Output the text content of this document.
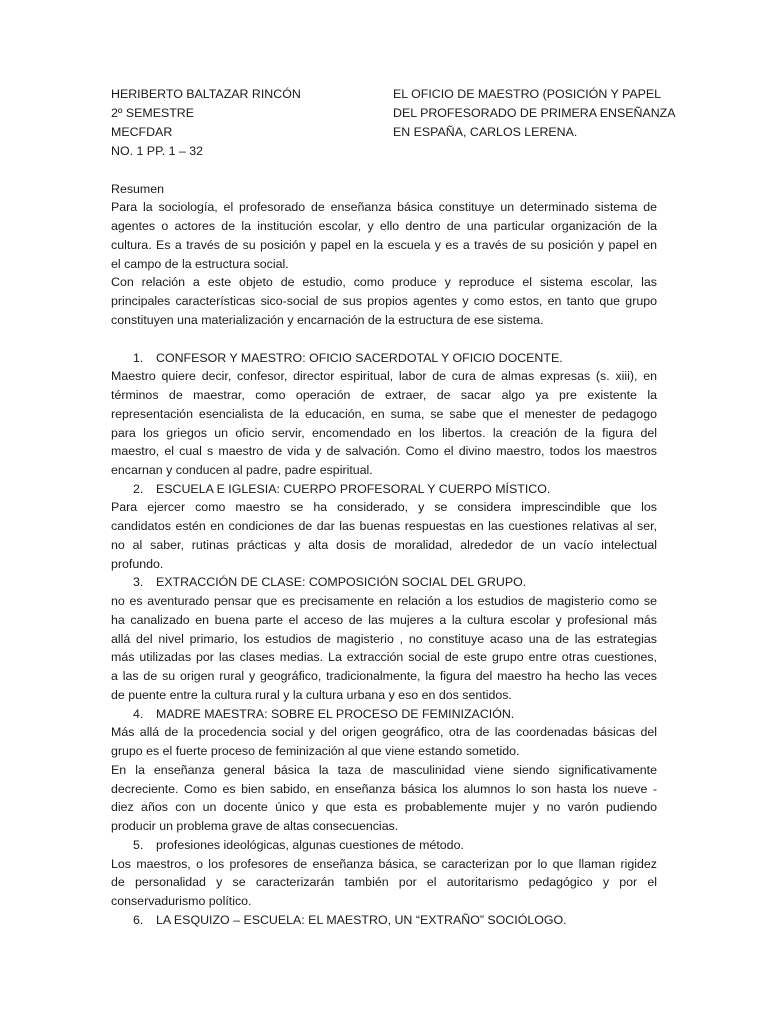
HERIBERTO BALTAZAR RINCÓN
2º SEMESTRE
MECFDAR
NO. 1 PP. 1 – 32
EL OFICIO DE MAESTRO (POSICIÓN Y PAPEL
DEL PROFESORADO DE PRIMERA ENSEÑANZA
EN ESPAÑA, CARLOS LERENA.
Resumen
Para la sociología, el profesorado de enseñanza básica constituye un determinado sistema de
agentes o actores de la institución escolar, y ello dentro de una particular organización de la
cultura. Es a través de su posición y papel en la escuela y es a través de su posición y papel en
el campo de la estructura social.
Con relación a este objeto de estudio, como produce y reproduce el sistema escolar, las
principales características sico-social de sus propios agentes y como estos, en tanto que grupo
constituyen una materialización y encarnación de la estructura de ese sistema.
1. CONFESOR Y MAESTRO: OFICIO SACERDOTAL Y OFICIO DOCENTE.
Maestro quiere decir, confesor, director espiritual, labor de cura de almas expresas (s. xiii), en
términos de maestrar, como operación de extraer, de sacar algo ya pre existente la
representación esencialista de la educación, en suma, se sabe que el menester de pedagogo
para los griegos un oficio servir, encomendado en los libertos. la creación de la figura del
maestro, el cual s maestro de vida y de salvación. Como el divino maestro, todos los maestros
encarnan y conducen al padre, padre espiritual.
2. ESCUELA E IGLESIA: CUERPO PROFESORAL Y CUERPO MÍSTICO.
Para ejercer como maestro se ha considerado, y se considera imprescindible que los
candidatos estén en condiciones de dar las buenas respuestas en las cuestiones relativas al ser,
no al saber, rutinas prácticas y alta dosis de moralidad, alrededor de un vacío intelectual
profundo.
3. EXTRACCIÓN DE CLASE: COMPOSICIÓN SOCIAL DEL GRUPO.
no es aventurado pensar que es precisamente en relación a los estudios de magisterio como se
ha canalizado en buena parte el acceso de las mujeres a la cultura escolar y profesional más
allá del nivel primario, los estudios de magisterio , no constituye acaso una de las estrategias
más utilizadas por las clases medias. La extracción social de este grupo entre otras cuestiones,
a las de su origen rural y geográfico, tradicionalmente, la figura del maestro ha hecho las veces
de puente entre la cultura rural y la cultura urbana y eso en dos sentidos.
4. MADRE MAESTRA: SOBRE EL PROCESO DE FEMINIZACIÓN.
Más allá de la procedencia social y del origen geográfico, otra de las coordenadas básicas del
grupo es el fuerte proceso de feminización al que viene estando sometido.
En la enseñanza general básica la taza de masculinidad viene siendo significativamente
decreciente. Como es bien sabido, en enseñanza básica los alumnos lo son hasta los nueve -
diez años con un docente único y que esta es probablemente mujer y no varón pudiendo
producir un problema grave de altas consecuencias.
5. profesiones ideológicas, algunas cuestiones de método.
Los maestros, o los profesores de enseñanza básica, se caracterizan por lo que llaman rigidez
de personalidad y se caracterizarán también por el autoritarismo pedagógico y por el
conservadurismo político.
6. LA ESQUIZO – ESCUELA: EL MAESTRO, UN “EXTRAÑO” SOCIÓLOGO.
